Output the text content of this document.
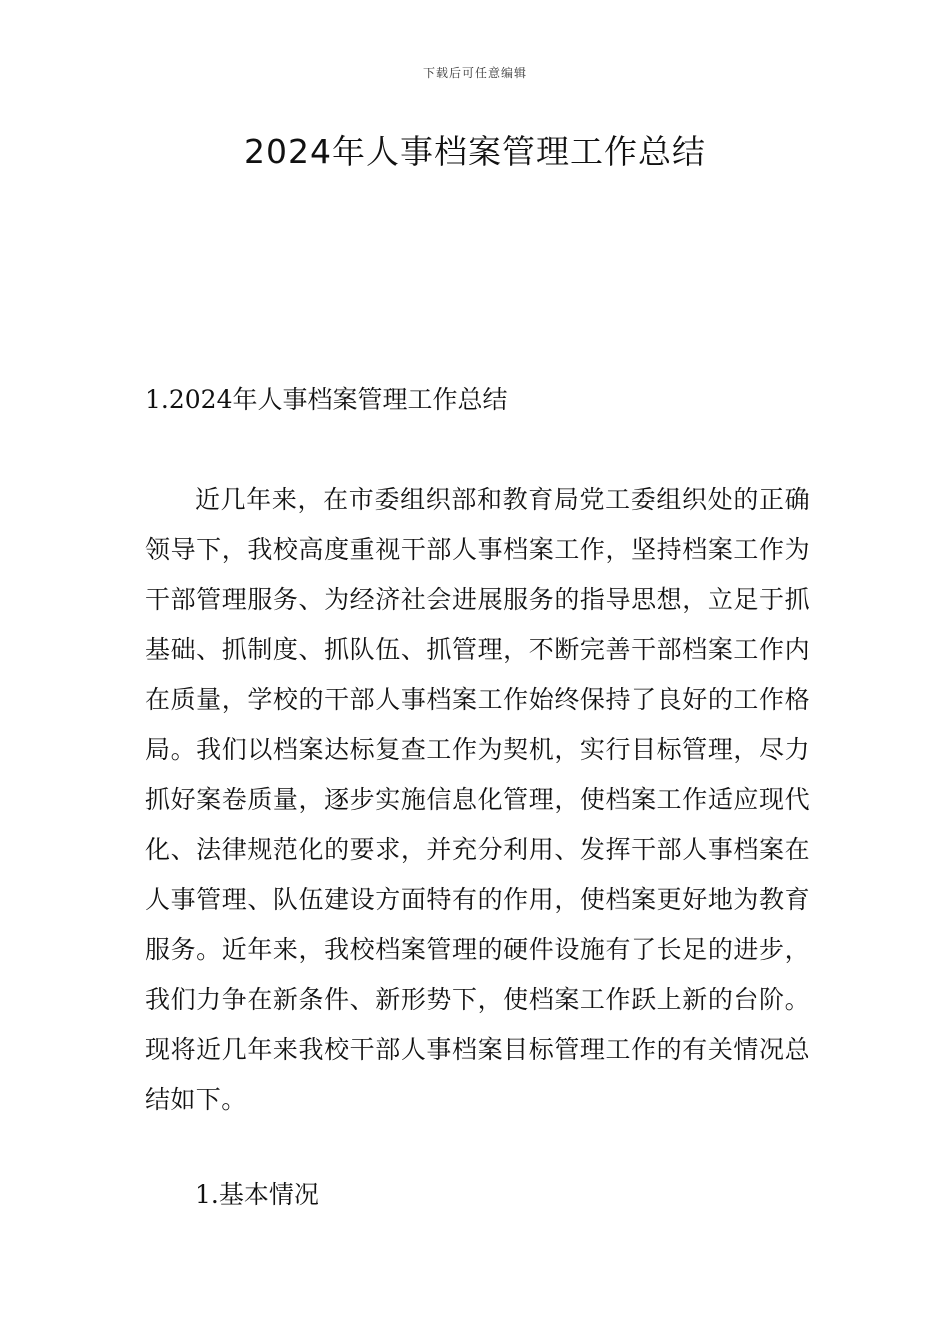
下载后可任意编辑
2024年人事档案管理工作总结
1.2024年人事档案管理工作总结

近几年来，在市委组织部和教育局党工委组织处的正确领导下，我校高度重视干部人事档案工作，坚持档案工作为干部管理服务、为经济社会进展服务的指导思想，立足于抓基础、抓制度、抓队伍、抓管理，不断完善干部档案工作内在质量，学校的干部人事档案工作始终保持了良好的工作格局。我们以档案达标复查工作为契机，实行目标管理，尽力抓好案卷质量，逐步实施信息化管理，使档案工作适应现代化、法律规范化的要求，并充分利用、发挥干部人事档案在人事管理、队伍建设方面特有的作用，使档案更好地为教育服务。近年来，我校档案管理的硬件设施有了长足的进步，我们力争在新条件、新形势下，使档案工作跃上新的台阶。现将近几年来我校干部人事档案目标管理工作的有关情况总结如下。

1.基本情况
